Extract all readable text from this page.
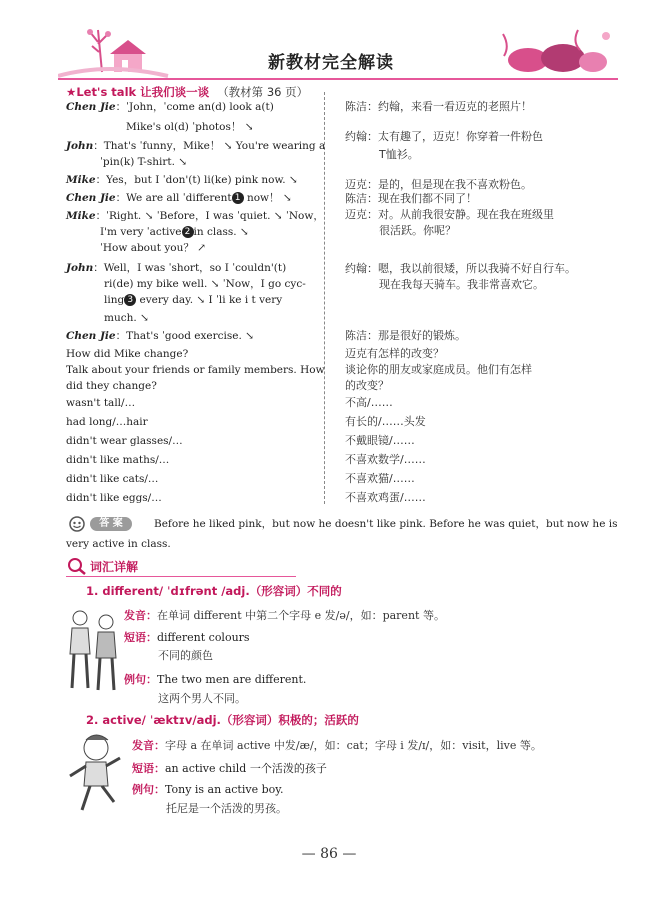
新教材完全解读
★Let's talk 让我们谈一谈 （教材第 36 页）
Chen Jie：ˈJohn，ˈcome an(d) look a(t)
Mike's ol(d) ˈphotos！ ↘
John：That's ˈfunny，Mike！ ↘ You're wearing a
ˈpin(k) T-shirt. ↘
Mike：Yes，but I ˈdon'(t) li(ke) pink now. ↘
Chen Jie：We are all ˈdifferent 1 now！ ↘
Mike：ˈRight. ↘ ˈBefore，I was ˈquiet. ↘ ˈNow，
I'm very ˈactive 2 in class. ↘
ˈHow about you？ ↗
John：Well，I was ˈshort，so I ˈcouldn'(t)
ri(de) my bike well. ↘ ˈNow，I go cyc-
ling 3 every day. ↘ I ˈli ke i t very
much. ↘
Chen Jie：That's ˈgood exercise. ↘
How did Mike change?
Talk about your friends or family members. How
did they change?
wasn't tall/…
had long/…hair
didn't wear glasses/…
didn't like maths/…
didn't like cats/…
didn't like eggs/…
陈洁：约翰，来看一看迈克的老照片！
约翰：太有趣了，迈克！你穿着一件粉色
T恤衫。
迈克：是的，但是现在我不喜欢粉色。
陈洁：现在我们都不同了！
迈克：对。从前我很安静。现在我在班级里
很活跃。你呢？
约翰：嗯，我以前很矮，所以我骑不好自行车。
现在我每天骑车。我非常喜欢它。
陈洁：那是很好的锻炼。
迈克有怎样的改变？
谈论你的朋友或家庭成员。他们有怎样
的改变？
不高/……
有长的/……头发
不戴眼镜/……
不喜欢数学/……
不喜欢猫/……
不喜欢鸡蛋/……
答 案	Before he liked pink，but now he doesn't like pink. Before he was quiet，but now he is
very active in class.
词汇详解
1. different/ ˈdɪfrənt /adj.（形容词）不同的
发音：在单词 different 中第二个字母 e 发/ə/，如：parent 等。
短语：different colours
不同的颜色
例句：The two men are different.
这两个男人不同。
2. active/ ˈæktɪv/adj.（形容词）积极的；活跃的
发音：字母 a 在单词 active 中发/æ/，如：cat；字母 i 发/ɪ/，如：visit，live 等。
短语：an active child 一个活泼的孩子
例句：Tony is an active boy.
托尼是一个活泼的男孩。
— 86 —
